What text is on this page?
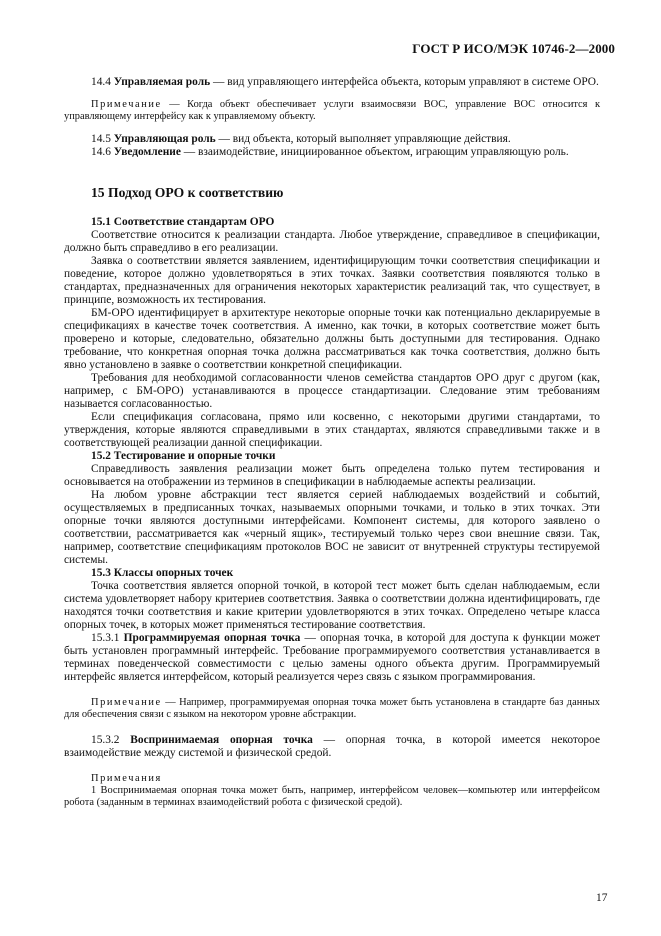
ГОСТ Р ИСО/МЭК 10746-2—2000

14.4 Управляемая роль — вид управляющего интерфейса объекта, которым управляют в системе ОРО.

Примечание — Когда объект обеспечивает услуги взаимосвязи ВОС, управление ВОС относится к управляющему интерфейсу как к управляемому объекту.

14.5 Управляющая роль — вид объекта, который выполняет управляющие действия.

14.6 Уведомление — взаимодействие, инициированное объектом, играющим управляющую роль.

15 Подход ОРО к соответствию

15.1 Соответствие стандартам ОРО

Соответствие относится к реализации стандарта. Любое утверждение, справедливое в спецификации, должно быть справедливо в его реализации.

Заявка о соответствии является заявлением, идентифицирующим точки соответствия спецификации и поведение, которое должно удовлетворяться в этих точках. Заявки соответствия появляются только в стандартах, предназначенных для ограничения некоторых характеристик реализаций так, что существует, в принципе, возможность их тестирования.

БМ-ОРО идентифицирует в архитектуре некоторые опорные точки как потенциально декларируемые в спецификациях в качестве точек соответствия. А именно, как точки, в которых соответствие может быть проверено и которые, следовательно, обязательно должны быть доступными для тестирования. Однако требование, что конкретная опорная точка должна рассматриваться как точка соответствия, должно быть явно установлено в заявке о соответствии конкретной спецификации.

Требования для необходимой согласованности членов семейства стандартов ОРО друг с другом (как, например, с БМ-ОРО) устанавливаются в процессе стандартизации. Следование этим требованиям называется согласованностью.

Если спецификация согласована, прямо или косвенно, с некоторыми другими стандартами, то утверждения, которые являются справедливыми в этих стандартах, являются справедливыми также и в соответствующей реализации данной спецификации.

15.2 Тестирование и опорные точки

Справедливость заявления реализации может быть определена только путем тестирования и основывается на отображении из терминов в спецификации в наблюдаемые аспекты реализации.

На любом уровне абстракции тест является серией наблюдаемых воздействий и событий, осуществляемых в предписанных точках, называемых опорными точками, и только в этих точках. Эти опорные точки являются доступными интерфейсами. Компонент системы, для которого заявлено о соответствии, рассматривается как «черный ящик», тестируемый только через свои внешние связи. Так, например, соответствие спецификациям протоколов ВОС не зависит от внутренней структуры тестируемой системы.

15.3 Классы опорных точек

Точка соответствия является опорной точкой, в которой тест может быть сделан наблюдаемым, если система удовлетворяет набору критериев соответствия. Заявка о соответствии должна идентифицировать, где находятся точки соответствия и какие критерии удовлетворяются в этих точках. Определено четыре класса опорных точек, в которых может применяться тестирование соответствия.

15.3.1 Программируемая опорная точка — опорная точка, в которой для доступа к функции может быть установлен программный интерфейс. Требование программируемого соответствия устанавливается в терминах поведенческой совместимости с целью замены одного объекта другим. Программируемый интерфейс является интерфейсом, который реализуется через связь с языком программирования.

Примечание — Например, программируемая опорная точка может быть установлена в стандарте баз данных для обеспечения связи с языком на некотором уровне абстракции.

15.3.2 Воспринимаемая опорная точка — опорная точка, в которой имеется некоторое взаимодействие между системой и физической средой.

Примечания

1 Воспринимаемая опорная точка может быть, например, интерфейсом человек—компьютер или интерфейсом робота (заданным в терминах взаимодействий робота с физической средой).

17
